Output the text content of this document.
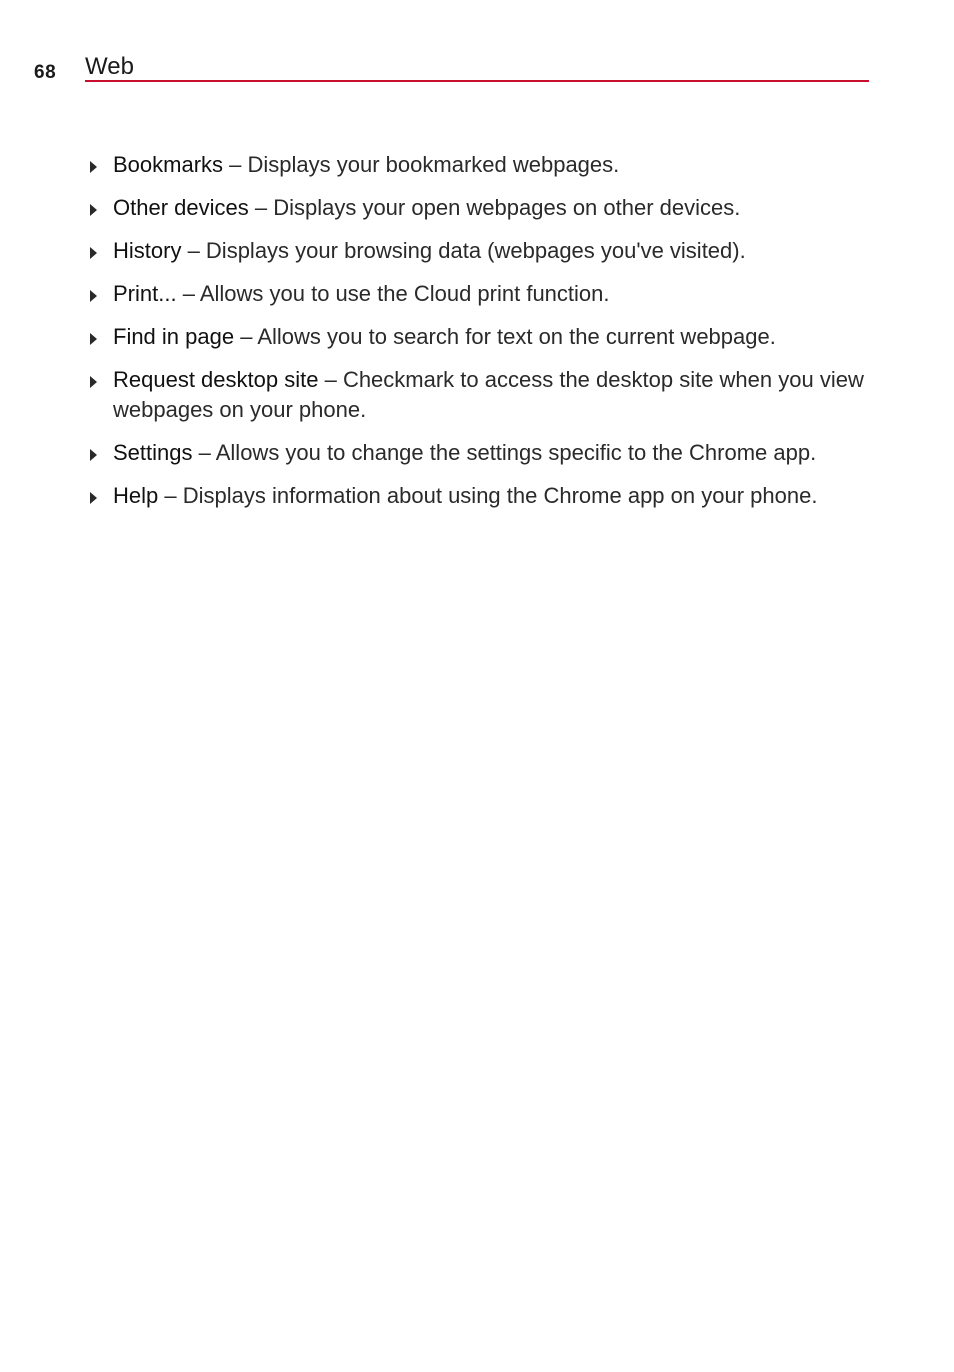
68 Web
Bookmarks – Displays your bookmarked webpages.
Other devices – Displays your open webpages on other devices.
History – Displays your browsing data (webpages you've visited).
Print... – Allows you to use the Cloud print function.
Find in page – Allows you to search for text on the current webpage.
Request desktop site – Checkmark to access the desktop site when you view webpages on your phone.
Settings – Allows you to change the settings specific to the Chrome app.
Help – Displays information about using the Chrome app on your phone.
